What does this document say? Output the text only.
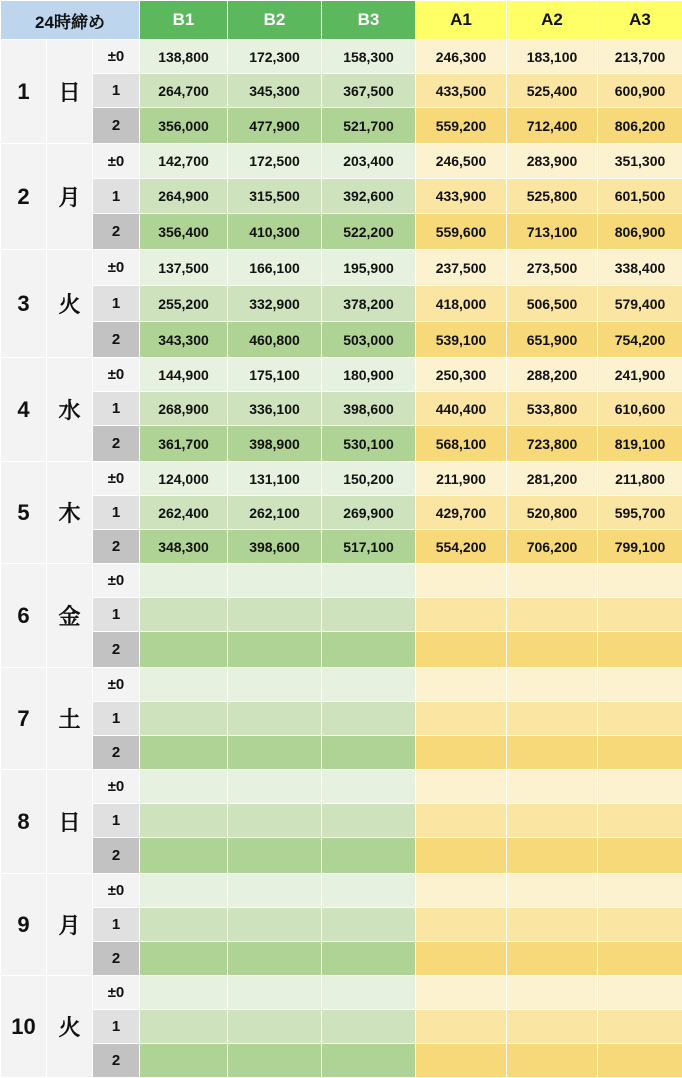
24時締め			B1	B2	B3	A1	A2	A3
1	日	±0	138,800	172,300	158,300	246,300	183,100	213,700
		1	264,700	345,300	367,500	433,500	525,400	600,900
		2	356,000	477,900	521,700	559,200	712,400	806,200
2	月	±0	142,700	172,500	203,400	246,500	283,900	351,300
		1	264,900	315,500	392,600	433,900	525,800	601,500
		2	356,400	410,300	522,200	559,600	713,100	806,900
3	火	±0	137,500	166,100	195,900	237,500	273,500	338,400
		1	255,200	332,900	378,200	418,000	506,500	579,400
		2	343,300	460,800	503,000	539,100	651,900	754,200
4	水	±0	144,900	175,100	180,900	250,300	288,200	241,900
		1	268,900	336,100	398,600	440,400	533,800	610,600
		2	361,700	398,900	530,100	568,100	723,800	819,100
5	木	±0	124,000	131,100	150,200	211,900	281,200	211,800
		1	262,400	262,100	269,900	429,700	520,800	595,700
		2	348,300	398,600	517,100	554,200	706,200	799,100
6	金	±0						
		1						
		2						
7	土	±0						
		1						
		2						
8	日	±0						
		1						
		2						
9	月	±0						
		1						
		2						
10	火	±0						
		1						
		2						
